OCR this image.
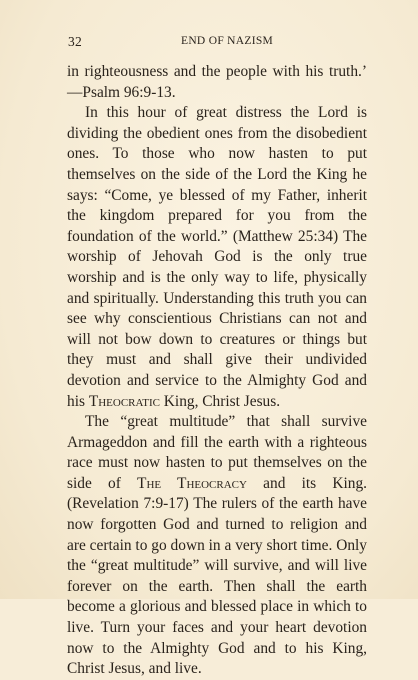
32	END OF NAZISM

in righteousness and the people with his truth.’ —Psalm 96:9-13.

In this hour of great distress the Lord is dividing the obedient ones from the disobedient ones. To those who now hasten to put themselves on the side of the Lord the King he says: “Come, ye blessed of my Father, inherit the kingdom prepared for you from the foundation of the world.” (Matthew 25:34) The worship of Jehovah God is the only true worship and is the only way to life, physically and spiritually. Understanding this truth you can see why conscientious Christians can not and will not bow down to creatures or things but they must and shall give their undivided devotion and service to the Almighty God and his Theocratic King, Christ Jesus.

The “great multitude” that shall survive Armageddon and fill the earth with a righteous race must now hasten to put themselves on the side of The Theocracy and its King. (Revelation 7:9-17) The rulers of the earth have now forgotten God and turned to religion and are certain to go down in a very short time. Only the “great multitude” will survive, and will live forever on the earth. Then shall the earth become a glorious and blessed place in which to live. Turn your faces and your heart devotion now to the Almighty God and to his King, Christ Jesus, and live.
